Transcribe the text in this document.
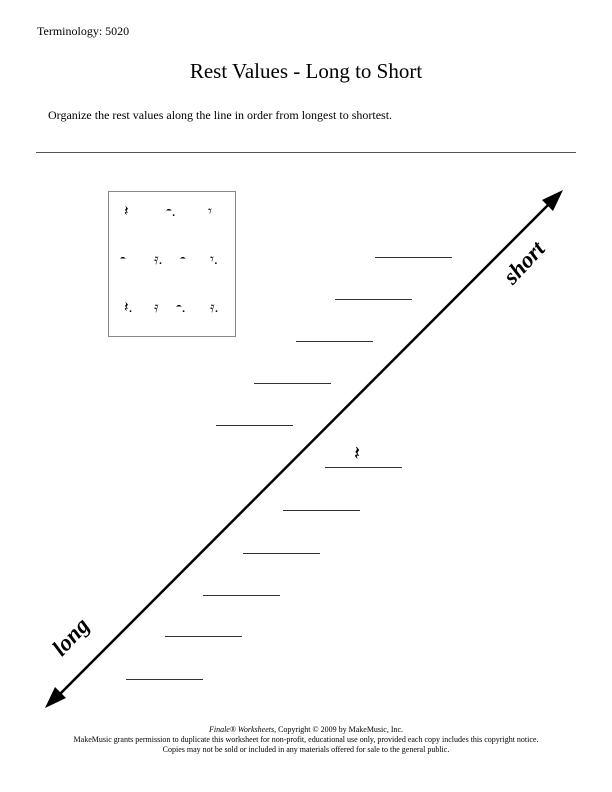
Terminology: 5020
Rest Values - Long to Short
Organize the rest values along the line in order from longest to shortest.
𝄽 𝄼. 𝄾
𝄼 𝄿. 𝄼 𝄾.
𝄽. 𝄿 𝄼. 𝄿.
𝄽
long
short
Finale® Worksheets, Copyright © 2009 by MakeMusic, Inc.
MakeMusic grants permission to duplicate this worksheet for non-profit, educational use only, provided each copy includes this copyright notice.
Copies may not be sold or included in any materials offered for sale to the general public.
